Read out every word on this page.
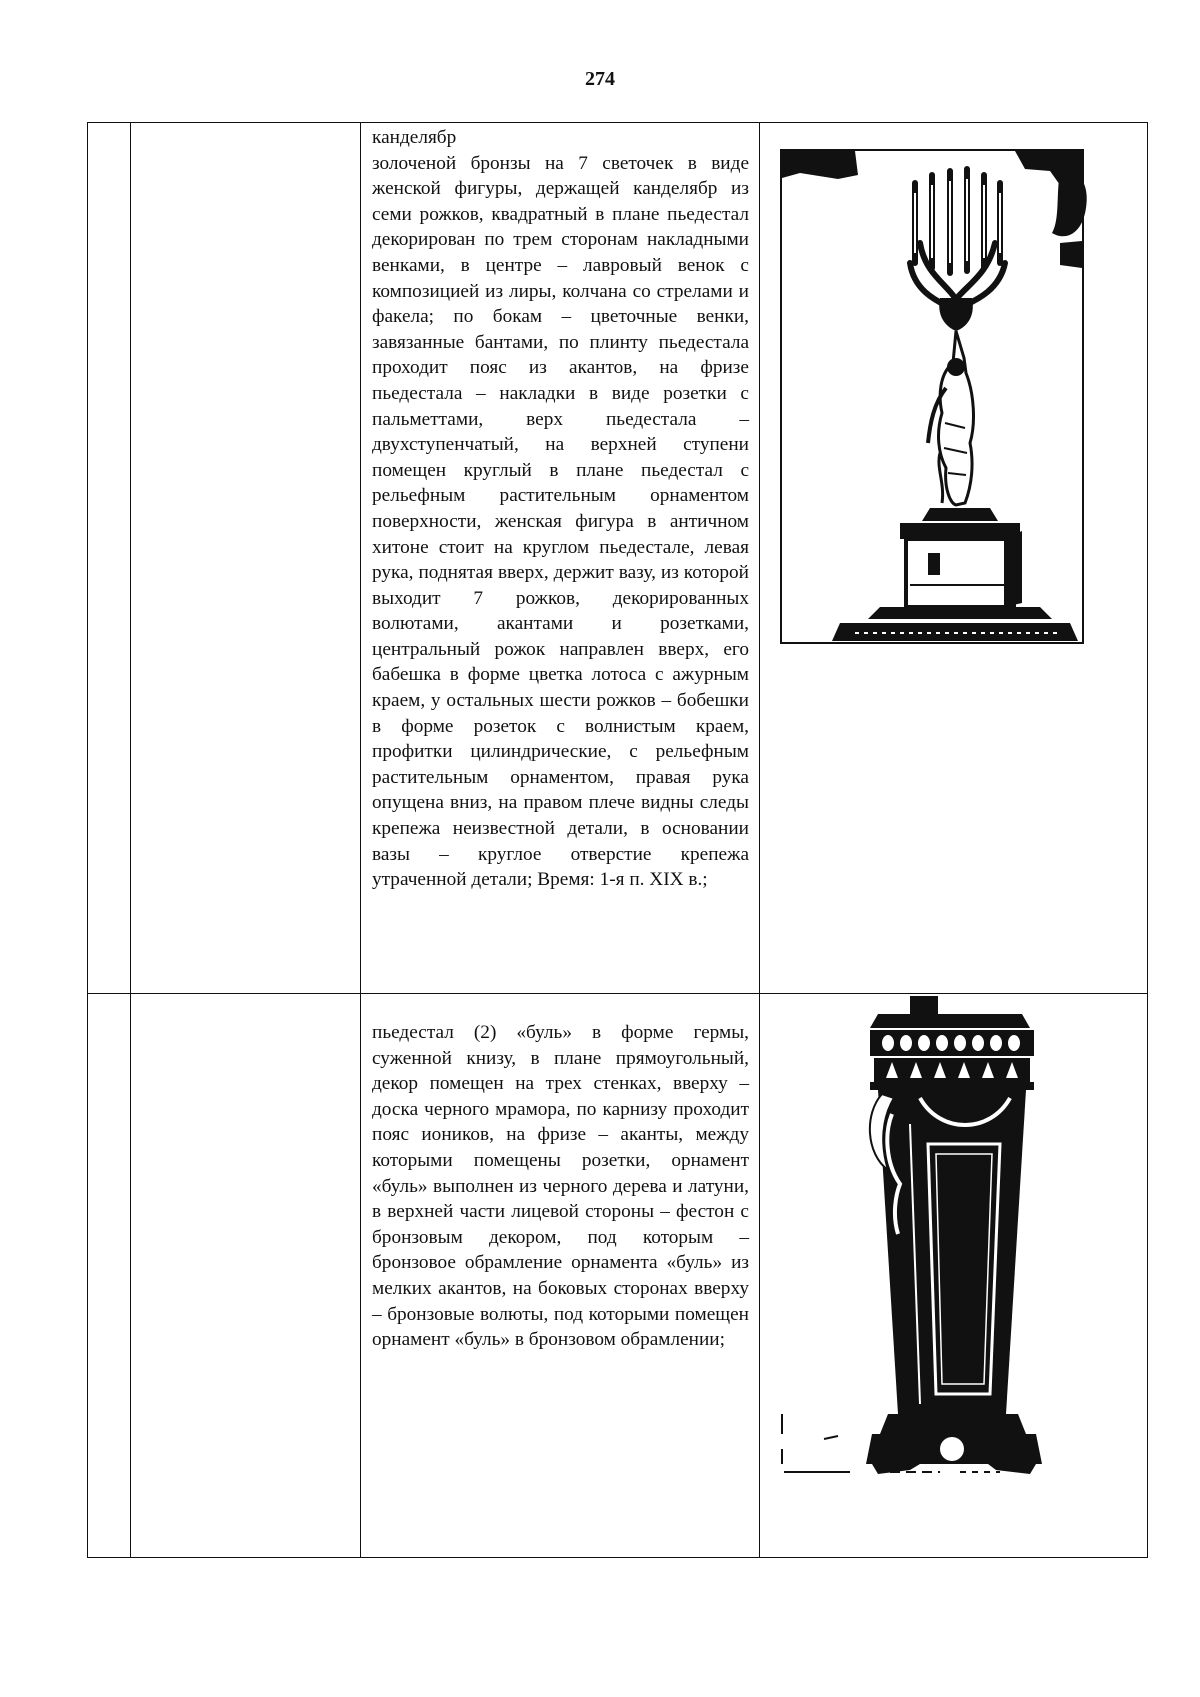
274

		канделябр
золоченой бронзы на 7 светочек в виде женской фигуры, держащей канделябр из семи рожков, квадратный в плане пьедестал декорирован по трем сторонам накладными венками, в центре – лавровый венок с композицией из лиры, колчана со стрелами и факела; по бокам – цветочные венки, завязанные бантами, по плинту пьедестала проходит пояс из акантов, на фризе пьедестала – накладки в виде розетки с пальметтами, верх пьедестала – двухступенчатый, на верхней ступени помещен круглый в плане пьедестал с рельефным растительным орнаментом поверхности, женская фигура в античном хитоне стоит на круглом пьедестале, левая рука, поднятая вверх, держит вазу, из которой выходит 7 рожков, декорированных волютами, акантами и розетками, центральный рожок направлен вверх, его бабешка в форме цветка лотоса с ажурным краем, у остальных шести рожков – бобешки в форме розеток с волнистым краем, профитки цилиндрические, с рельефным растительным орнаментом, правая рука опущена вниз, на правом плече видны следы крепежа неизвестной детали, в основании вазы – круглое отверстие крепежа утраченной детали; Время: 1-я п. XIX в.;

пьедестал (2) «буль» в форме гермы, суженной книзу, в плане прямоугольный, декор помещен на трех стенках, вверху – доска черного мрамора, по карнизу проходит пояс иоников, на фризе – аканты, между которыми помещены розетки, орнамент «буль» выполнен из черного дерева и латуни, в верхней части лицевой стороны – фестон с бронзовым декором, под которым – бронзовое обрамление орнамента «буль» из мелких акантов, на боковых сторонах вверху – бронзовые волюты, под которыми помещен орнамент «буль» в бронзовом обрамлении;
